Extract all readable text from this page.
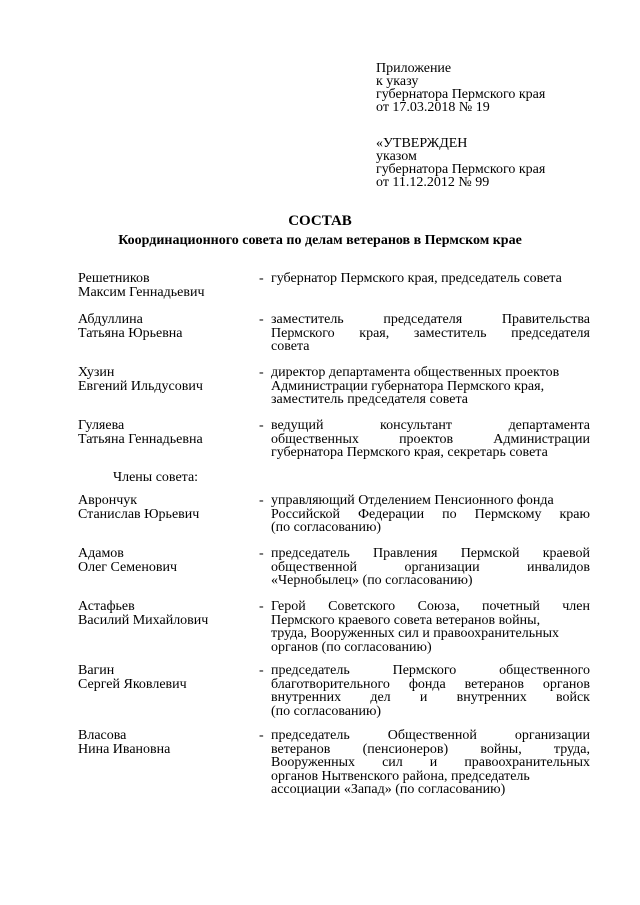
Приложение
к указу
губернатора Пермского края
от 17.03.2018 № 19
«УТВЕРЖДЕН
указом
губернатора Пермского края
от 11.12.2012 № 99
СОСТАВ
Координационного совета по делам ветеранов в Пермском крае
Решетников
Максим Геннадьевич
- губернатор Пермского края, председатель совета
Абдуллина
Татьяна Юрьевна
- заместитель	председателя	Правительства
Пермского края, заместитель председателя
совета
Хузин
Евгений Ильдусович
- директор департамента общественных проектов
Администрации губернатора Пермского края,
заместитель председателя совета
Гуляева
Татьяна Геннадьевна
- ведущий	консультант	департамента
общественных	проектов	Администрации
губернатора Пермского края, секретарь совета
Члены совета:
Аврончук
Станислав Юрьевич
- управляющий Отделением Пенсионного фонда
Российской Федерации по Пермскому краю
(по согласованию)
Адамов
Олег Семенович
- председатель Правления Пермской краевой
общественной	организации	инвалидов
«Чернобылец» (по согласованию)
Астафьев
Василий Михайлович
- Герой Советского Союза, почетный член
Пермского краевого совета ветеранов войны,
труда, Вооруженных сил и правоохранительных
органов (по согласованию)
Вагин
Сергей Яковлевич
- председатель	Пермского	общественного
благотворительного фонда ветеранов органов
внутренних дел и внутренних войск
(по согласованию)
Власова
Нина Ивановна
- председатель	Общественной	организации
ветеранов (пенсионеров) войны, труда,
Вооруженных сил и правоохранительных
органов Нытвенского района, председатель
ассоциации «Запад» (по согласованию)
